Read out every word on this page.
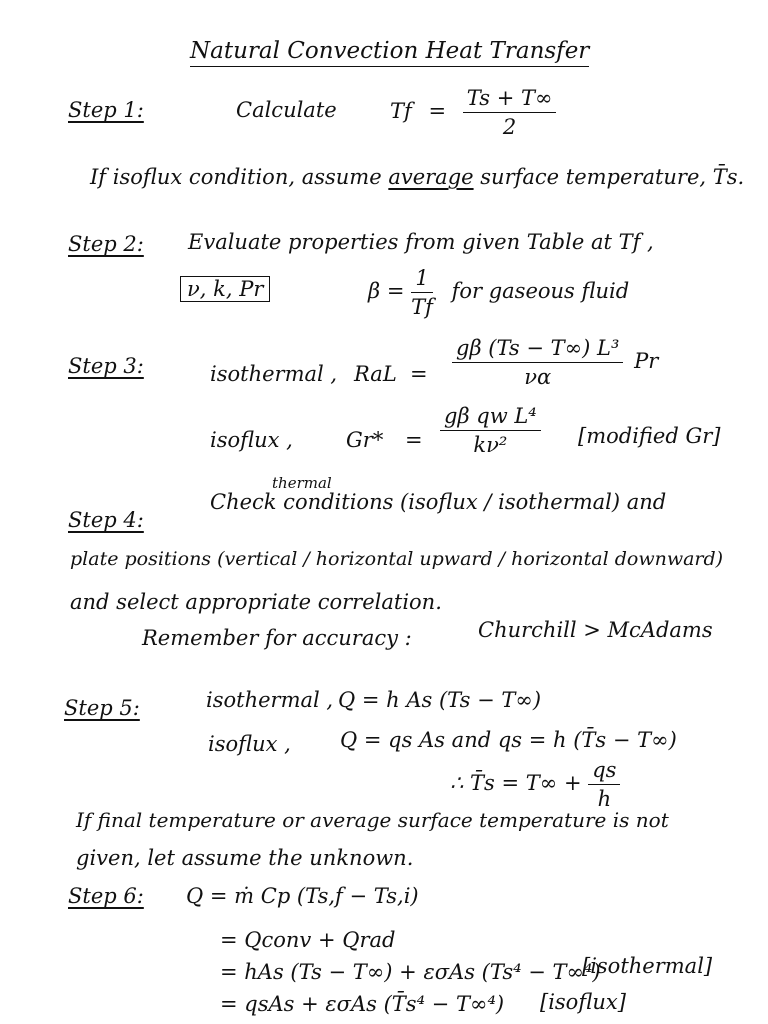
Natural Convection Heat Transfer
Step 1:	Calculate	$Tf = \frac{Ts + T\infty}{2}$
If isoflux condition, assume average surface temperature, T̄s.
Step 2: Evaluate properties from given Table at Tf ,
ν, k, Pr	$\beta = \frac{1}{Tf}$ for gaseous fluid
Step 3:	isothermal , RaL = $\frac{\text{gβ (Ts − T∞) L³}}{\nu\alpha}$ Pr
isoflux ,	$Gr* = \frac{\text{gβ qw L⁴}}{\text{kν²}}$ [modified Gr]
thermal
Step 4:
Check conditions (isoflux / isothermal) and
plate positions (vertical / horizontal upward / horizontal downward)
and select appropriate correlation.
Remember for accuracy :	Churchill > McAdams
Step 5:	isothermal , Q = h As (Ts − T∞)
isoflux , Q = qs As and qs = h (T̄s − T∞)
∴ T̄s = $T\infty + \frac{qs}{h}$
If final temperature or average surface temperature is not
given, let assume the unknown.
Step 6: Q = ṁ Cp (Ts,f − Ts,i)
= Qconv + Qrad
= hAs (Ts − T∞) + εσAs (Ts⁴ − T∞⁴)
[isothermal]
= qsAs + εσAs (T̄s⁴ − T∞⁴) [isoflux]
